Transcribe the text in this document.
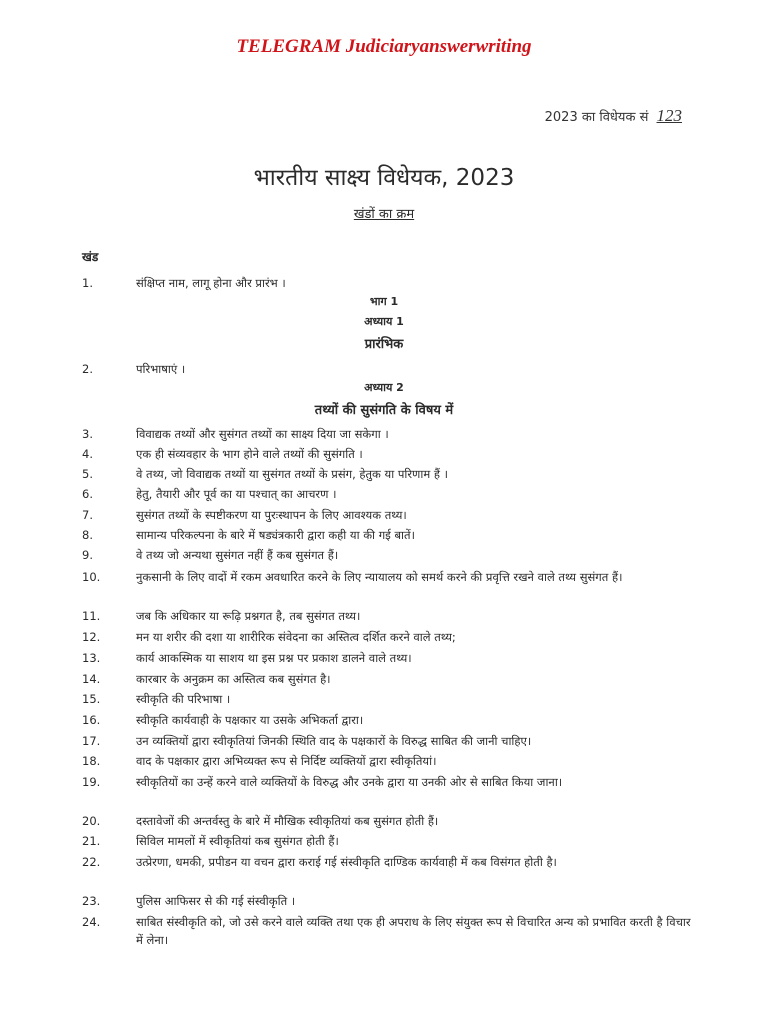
TELEGRAM Judiciaryanswerwriting
2023 का विधेयक सं 123
भारतीय साक्ष्य विधेयक, 2023
खंडों का क्रम
खंड
1.	संक्षिप्त नाम, लागू होना और प्रारंभ ।
भाग 1
अध्याय 1
प्रारंभिक
2.	परिभाषाएं ।
अध्याय 2
तथ्यों की सुसंगति के विषय में
3.	विवाद्यक तथ्यों और सुसंगत तथ्यों का साक्ष्य दिया जा सकेगा ।
4.	एक ही संव्यवहार के भाग होने वाले तथ्यों की सुसंगति ।
5.	वे तथ्य, जो विवाद्यक तथ्यों या सुसंगत तथ्यों के प्रसंग, हेतुक या परिणाम हैं ।
6.	हेतु, तैयारी और पूर्व का या पश्चात् का आचरण ।
7.	सुसंगत तथ्यों के स्पष्टीकरण या पुरःस्थापन के लिए आवश्यक तथ्य।
8.	सामान्य परिकल्पना के बारे में षड्यंत्रकारी द्वारा कही या की गई बातें।
9.	वे तथ्य जो अन्यथा सुसंगत नहीं हैं कब सुसंगत हैं।
10.	नुकसानी के लिए वादों में रकम अवधारित करने के लिए न्यायालय को समर्थ करने की प्रवृत्ति रखने वाले तथ्य सुसंगत हैं।
11.	जब कि अधिकार या रूढ़ि प्रश्नगत है, तब सुसंगत तथ्य।
12.	मन या शरीर की दशा या शारीरिक संवेदना का अस्तित्व दर्शित करने वाले तथ्य;
13.	कार्य आकस्मिक या साशय था इस प्रश्न पर प्रकाश डालने वाले तथ्य।
14.	कारबार के अनुक्रम का अस्तित्व कब सुसंगत है।
15.	स्वीकृति की परिभाषा ।
16.	स्वीकृति कार्यवाही के पक्षकार या उसके अभिकर्ता द्वारा।
17.	उन व्यक्तियों द्वारा स्वीकृतियां जिनकी स्थिति वाद के पक्षकारों के विरुद्ध साबित की जानी चाहिए।
18.	वाद के पक्षकार द्वारा अभिव्यक्त रूप से निर्दिष्ट व्यक्तियों द्वारा स्वीकृतियां।
19.	स्वीकृतियों का उन्हें करने वाले व्यक्तियों के विरुद्ध और उनके द्वारा या उनकी ओर से साबित किया जाना।
20.	दस्तावेजों की अन्तर्वस्तु के बारे में मौखिक स्वीकृतियां कब सुसंगत होती हैं।
21.	सिविल मामलों में स्वीकृतियां कब सुसंगत होती हैं।
22.	उत्प्रेरणा, धमकी, प्रपीडन या वचन द्वारा कराई गई संस्वीकृति दाण्डिक कार्यवाही में कब विसंगत होती है।
23.	पुलिस आफिसर से की गई संस्वीकृति ।
24.	साबित संस्वीकृति को, जो उसे करने वाले व्यक्ति तथा एक ही अपराध के लिए संयुक्त रूप से विचारित अन्य को प्रभावित करती है विचार में लेना।
